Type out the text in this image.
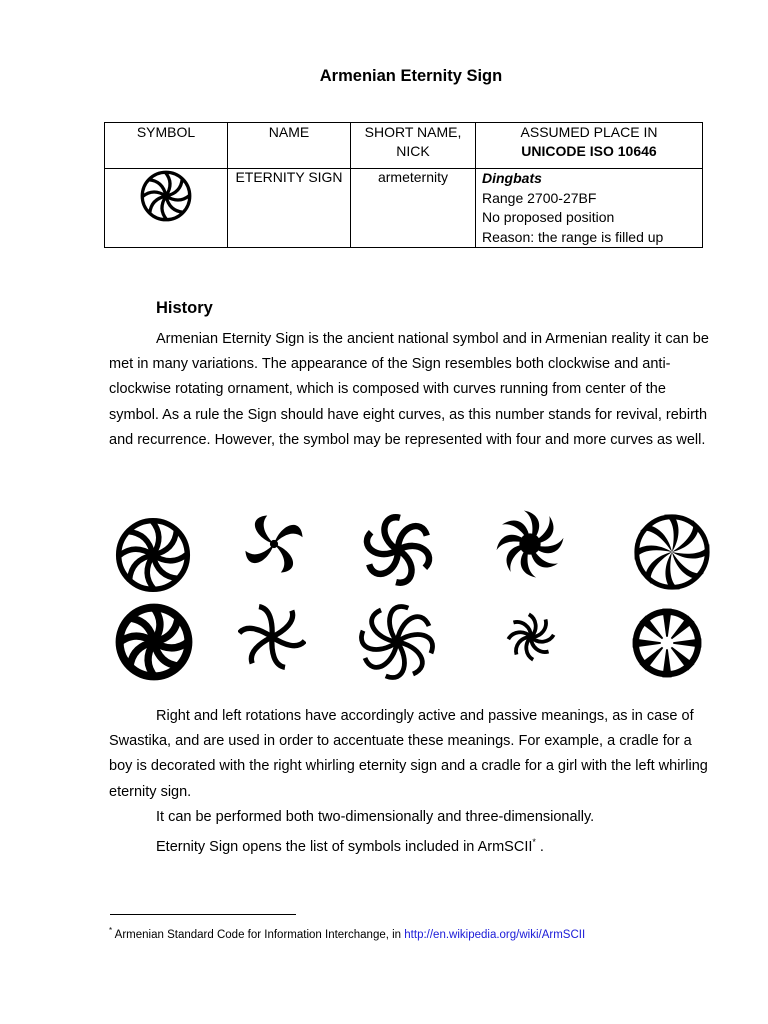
Armenian Eternity Sign
SYMBOL	NAME	SHORT NAME, NICK	ASSUMED PLACE IN
UNICODE ISO 10646

	ETERNITY SIGN	armeternity	Dingbats
Range 2700-27BF
No proposed position
Reason: the range is filled up
History

Armenian Eternity Sign is the ancient national symbol and in Armenian reality it can be met in many variations. The appearance of the Sign resembles both clockwise and anti-clockwise rotating ornament, which is composed with curves running from center of the symbol. As a rule the Sign should have eight curves, as this number stands for revival, rebirth and recurrence. However, the symbol may be represented with four and more curves as well.

Right and left rotations have accordingly active and passive meanings, as in case of Swastika, and are used in order to accentuate these meanings. For example, a cradle for a boy is decorated with the right whirling eternity sign and a cradle for a girl with the left whirling eternity sign.

It can be performed both two-dimensionally and three-dimensionally.

Eternity Sign opens the list of symbols included in ArmSCII* .

* Armenian Standard Code for Information Interchange, in http://en.wikipedia.org/wiki/ArmSCII
